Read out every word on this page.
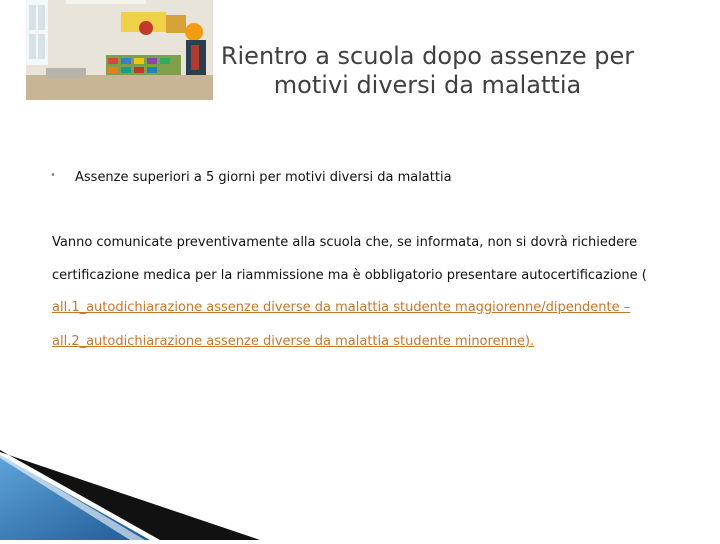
Rientro a scuola dopo assenze per
motivi diversi da malattia
• Assenze superiori a 5 giorni per motivi diversi da malattia
Vanno comunicate preventivamente alla scuola che, se informata, non si dovrà richiedere
certificazione medica per la riammissione ma è obbligatorio presentare autocertificazione (
all.1_autodichiarazione assenze diverse da malattia studente maggiorenne/dipendente –
all.2_autodichiarazione assenze diverse da malattia studente minorenne).
